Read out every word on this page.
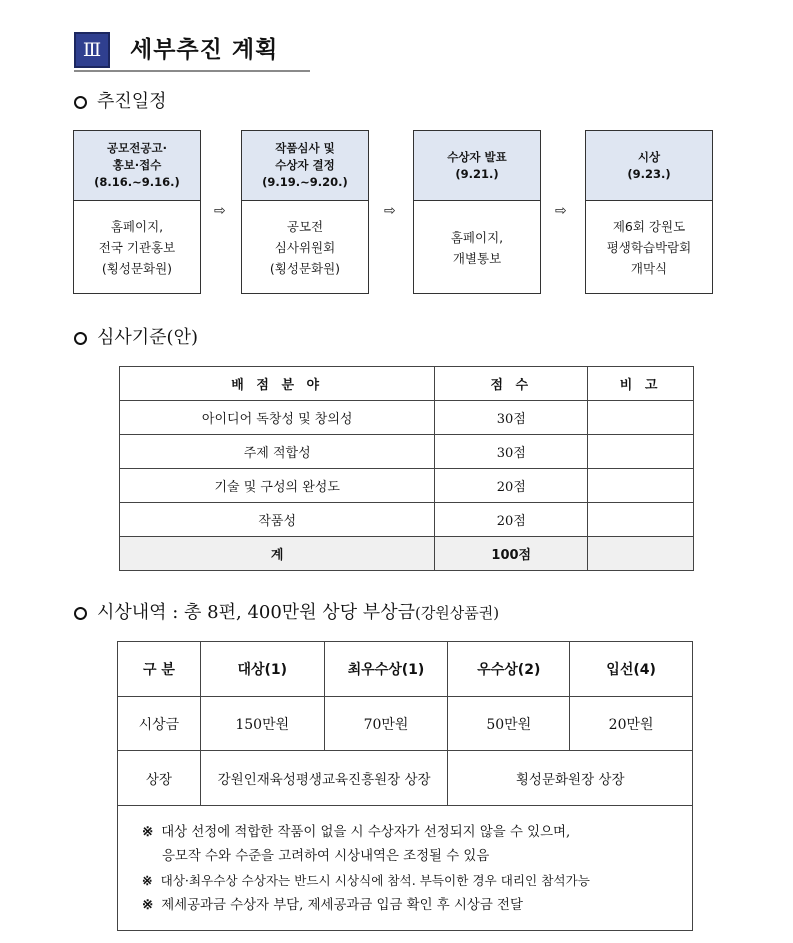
Ⅲ	세부추진 계획
추진일정
공모전공고·
홍보·접수
(8.16.~9.16.)
홈페이지,
전국 기관홍보
(횡성문화원)
⇨
작품심사 및
수상자 결정
(9.19.~9.20.)
공모전
심사위원회
(횡성문화원)
⇨
수상자 발표
(9.21.)
홈페이지,
개별통보
⇨
시상
(9.23.)
제6회 강원도
평생학습박람회
개막식
심사기준(안)
배 점 분 야	점 수	비 고
아이디어 독창성 및 창의성	30점	
주제 적합성	30점	
기술 및 구성의 완성도	20점	
작품성	20점	
계	100점	
시상내역 : 총 8편, 400만원 상당 부상금 (강원상품권)
구 분	대상(1)	최우수상(1)	우수상(2)	입선(4)
시상금	150만원	70만원	50만원	20만원
상장	강원인재육성평생교육진흥원장 상장		횡성문화원장 상장	

※ 대상 선정에 적합한 작품이 없을 시 수상자가 선정되지 않을 수 있으며,
응모작 수와 수준을 고려하여 시상내역은 조정될 수 있음
※ 대상·최우수상 수상자는 반드시 시상식에 참석. 부득이한 경우 대리인 참석가능
※ 제세공과금 수상자 부담, 제세공과금 입금 확인 후 시상금 전달				
